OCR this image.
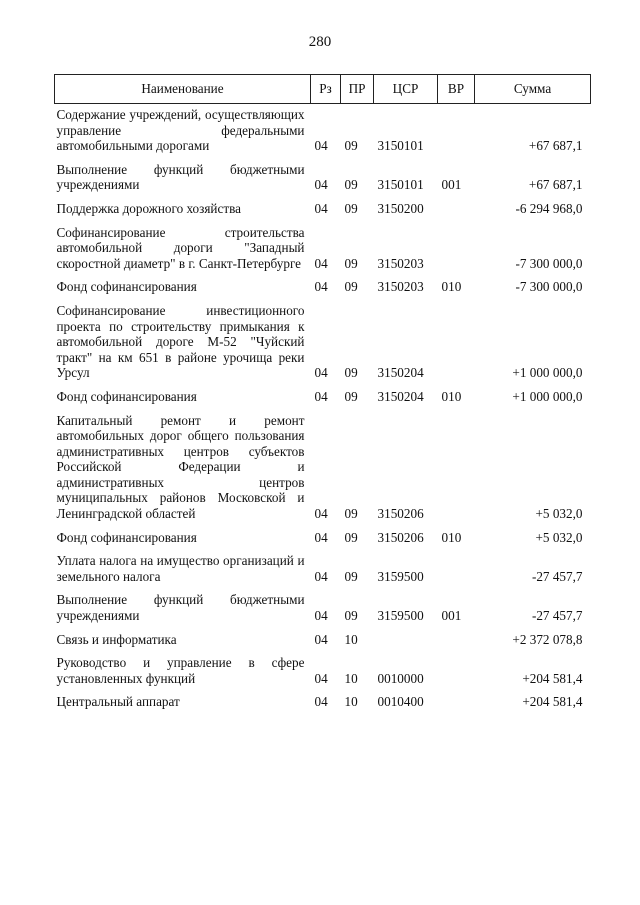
280
Наименование	Рз	ПР	ЦСР	ВР	Сумма
Содержание учреждений, осуществляющих управление федеральными автомобильными дорогами	04	09	3150101		+67 687,1
Выполнение функций бюджетными учреждениями	04	09	3150101	001	+67 687,1
Поддержка дорожного хозяйства	04	09	3150200		-6 294 968,0
Софинансирование строительства автомобильной дороги "Западный скоростной диаметр" в г. Санкт-Петербурге	04	09	3150203		-7 300 000,0
Фонд софинансирования	04	09	3150203	010	-7 300 000,0
Софинансирование инвестиционного проекта по строительству примыкания к автомобильной дороге М-52 "Чуйский тракт" на км 651 в районе урочища реки Урсул	04	09	3150204		+1 000 000,0
Фонд софинансирования	04	09	3150204	010	+1 000 000,0
Капитальный ремонт и ремонт автомобильных дорог общего пользования административных центров субъектов Российской Федерации и административных центров муниципальных районов Московской и Ленинградской областей	04	09	3150206		+5 032,0
Фонд софинансирования	04	09	3150206	010	+5 032,0
Уплата налога на имущество организаций и земельного налога	04	09	3159500		-27 457,7
Выполнение функций бюджетными учреждениями	04	09	3159500	001	-27 457,7
Связь и информатика	04	10			+2 372 078,8
Руководство и управление в сфере установленных функций	04	10	0010000		+204 581,4
Центральный аппарат	04	10	0010400		+204 581,4
